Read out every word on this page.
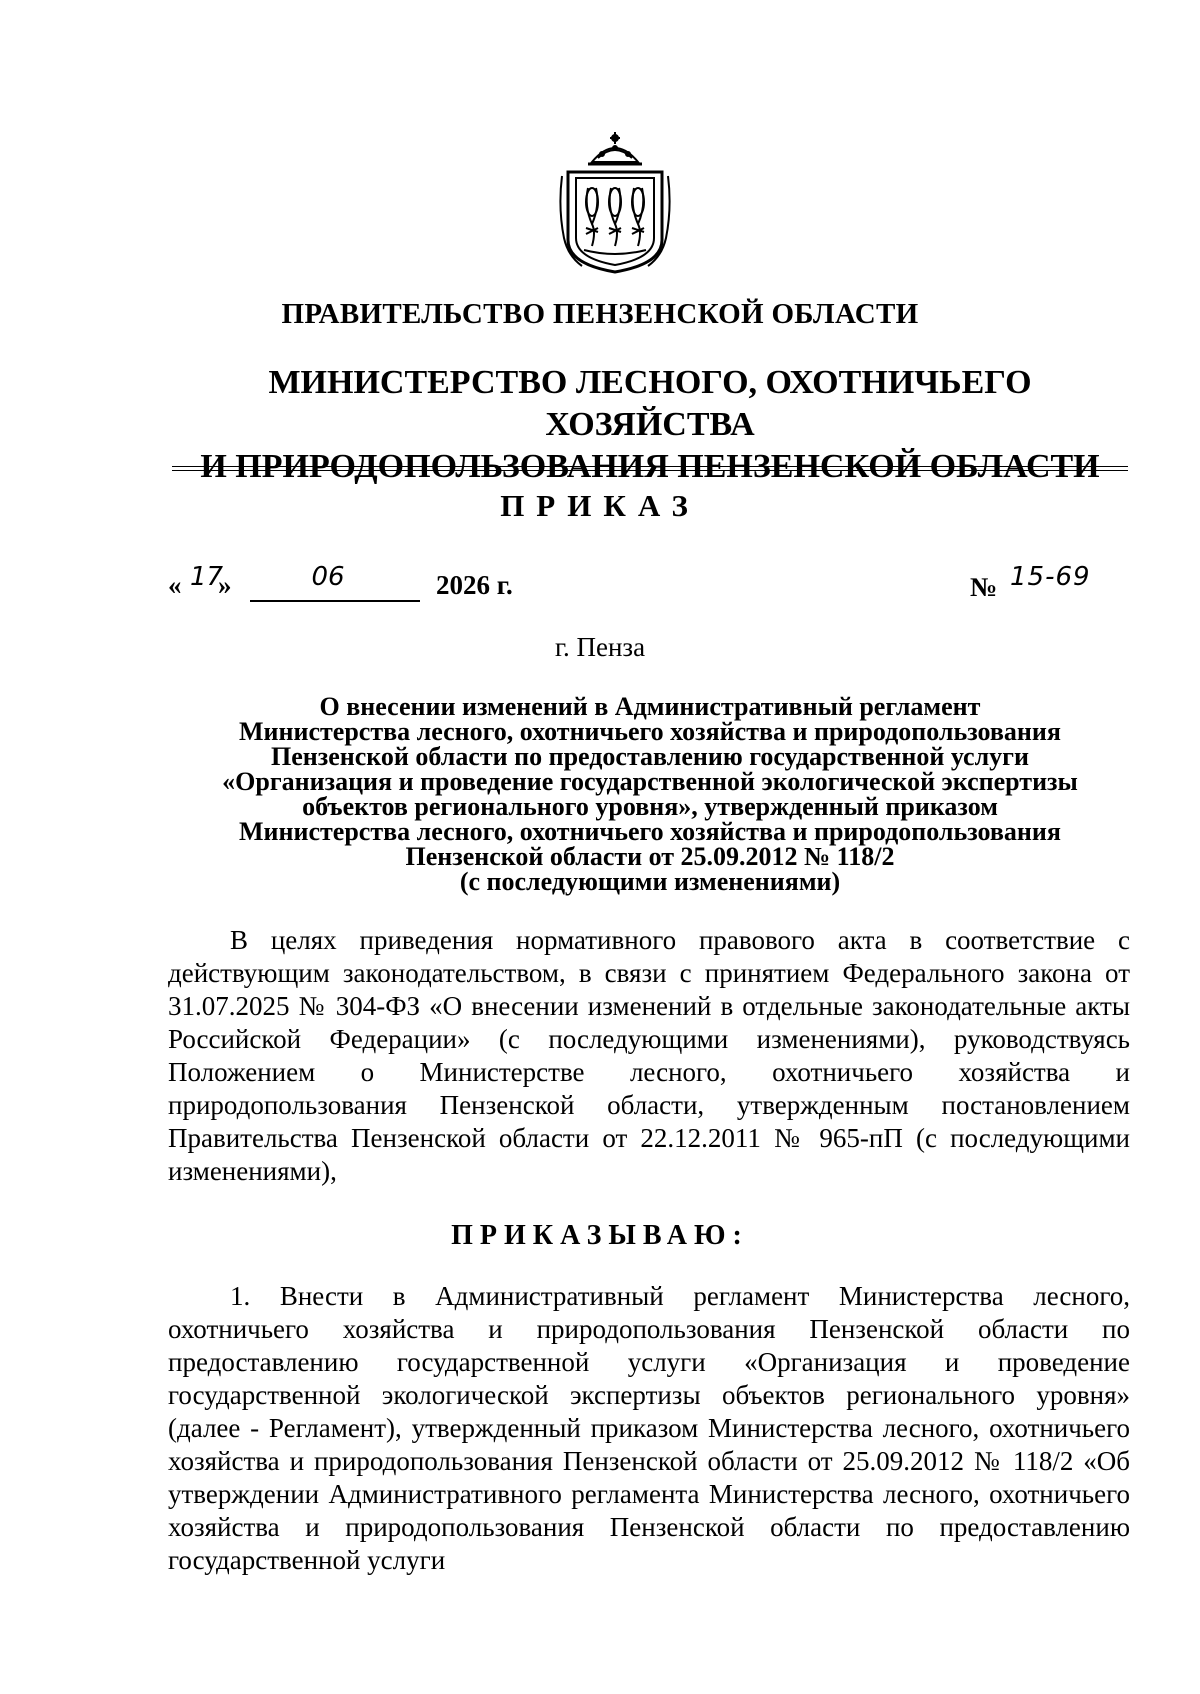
ПРАВИТЕЛЬСТВО ПЕНЗЕНСКОЙ ОБЛАСТИ
МИНИСТЕРСТВО ЛЕСНОГО, ОХОТНИЧЬЕГО ХОЗЯЙСТВА
И ПРИРОДОПОЛЬЗОВАНИЯ ПЕНЗЕНСКОЙ ОБЛАСТИ
ПРИКАЗ
« 17
»	06	2026 г.	№ 15-69
г. Пенза
О внесении изменений в Административный регламент
Министерства лесного, охотничьего хозяйства и природопользования
Пензенской области по предоставлению государственной услуги
«Организация и проведение государственной экологической экспертизы
объектов регионального уровня», утвержденный приказом
Министерства лесного, охотничьего хозяйства и природопользования
Пензенской области от 25.09.2012 № 118/2
(с последующими изменениями)
В целях приведения нормативного правового акта в соответствие с действующим законодательством, в связи с принятием Федерального закона от 31.07.2025 № 304-ФЗ «О внесении изменений в отдельные законодательные акты Российской Федерации» (с последующими изменениями), руководствуясь Положением о Министерстве лесного, охотничьего хозяйства и природопользования Пензенской области, утвержденным постановлением Правительства Пензенской области от 22.12.2011 № 965-пП (с последующими изменениями),
ПРИКАЗЫВАЮ:
1. Внести в Административный регламент Министерства лесного, охотничьего хозяйства и природопользования Пензенской области по предоставлению государственной услуги «Организация и проведение государственной экологической экспертизы объектов регионального уровня» (далее - Регламент), утвержденный приказом Министерства лесного, охотничьего хозяйства и природопользования Пензенской области от 25.09.2012 № 118/2 «Об утверждении Административного регламента Министерства лесного, охотничьего хозяйства и природопользования Пензенской области по предоставлению государственной услуги
